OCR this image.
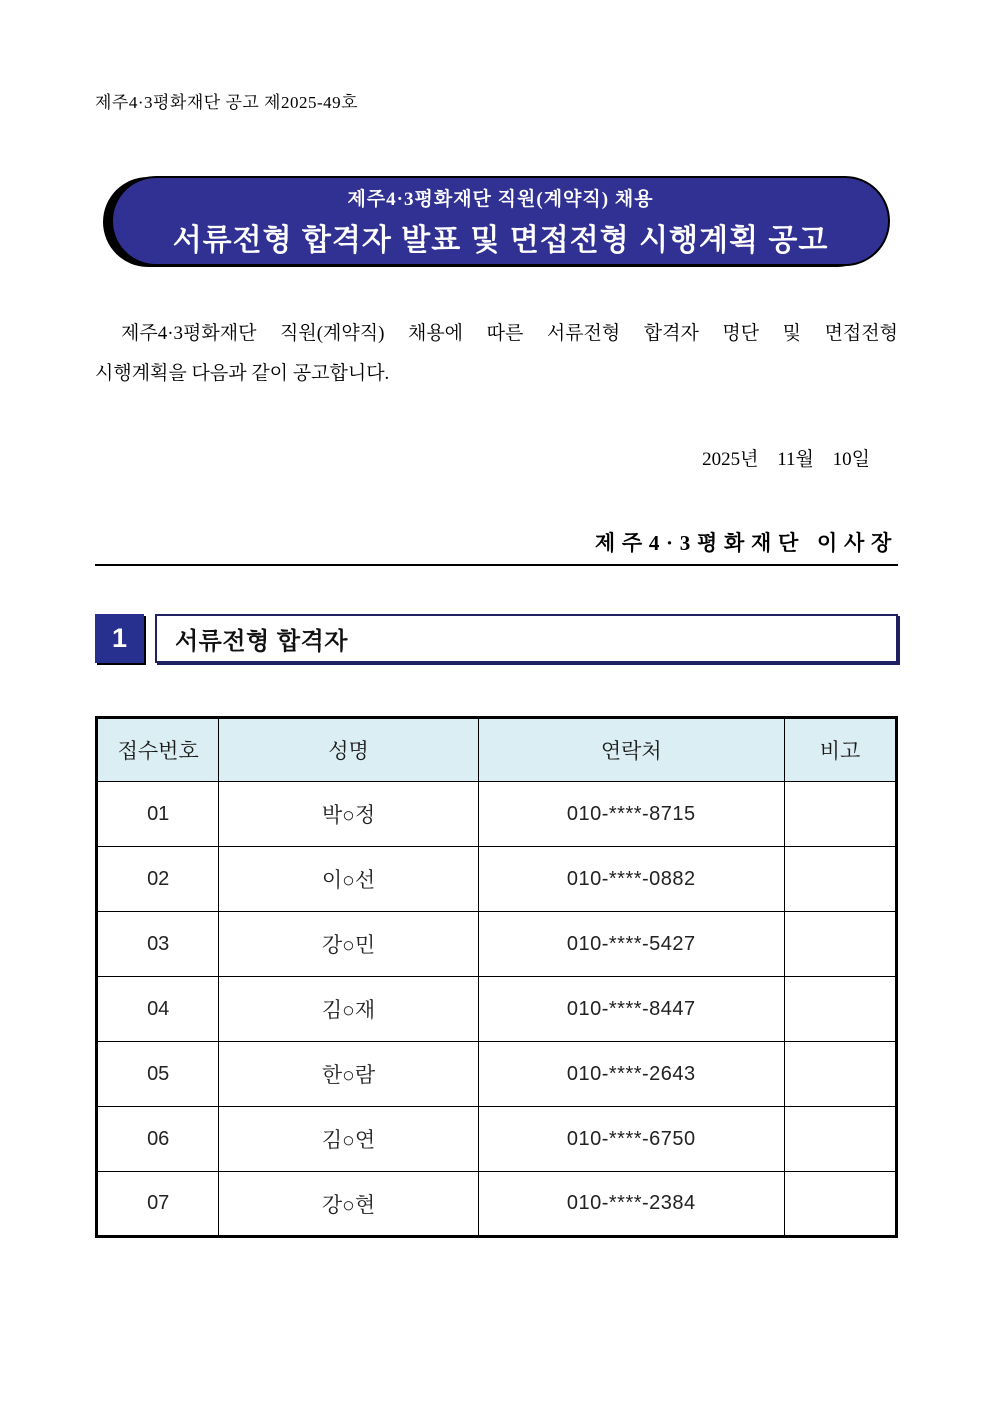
제주4·3평화재단 공고 제2025-49호
제주4·3평화재단 직원(계약직) 채용
서류전형 합격자 발표 및 면접전형 시행계획 공고
제주4·3평화재단 직원(계약직) 채용에 따른 서류전형 합격자 명단 및 면접전형
시행계획을 다음과 같이 공고합니다.
2025년 11월 10일
제주4·3평화재단 이사장
1	서류전형 합격자
접수번호	성명	연락처	비고
01	박○정	010-****-8715	
02	이○선	010-****-0882	
03	강○민	010-****-5427	
04	김○재	010-****-8447	
05	한○람	010-****-2643	
06	김○연	010-****-6750	
07	강○현	010-****-2384	
